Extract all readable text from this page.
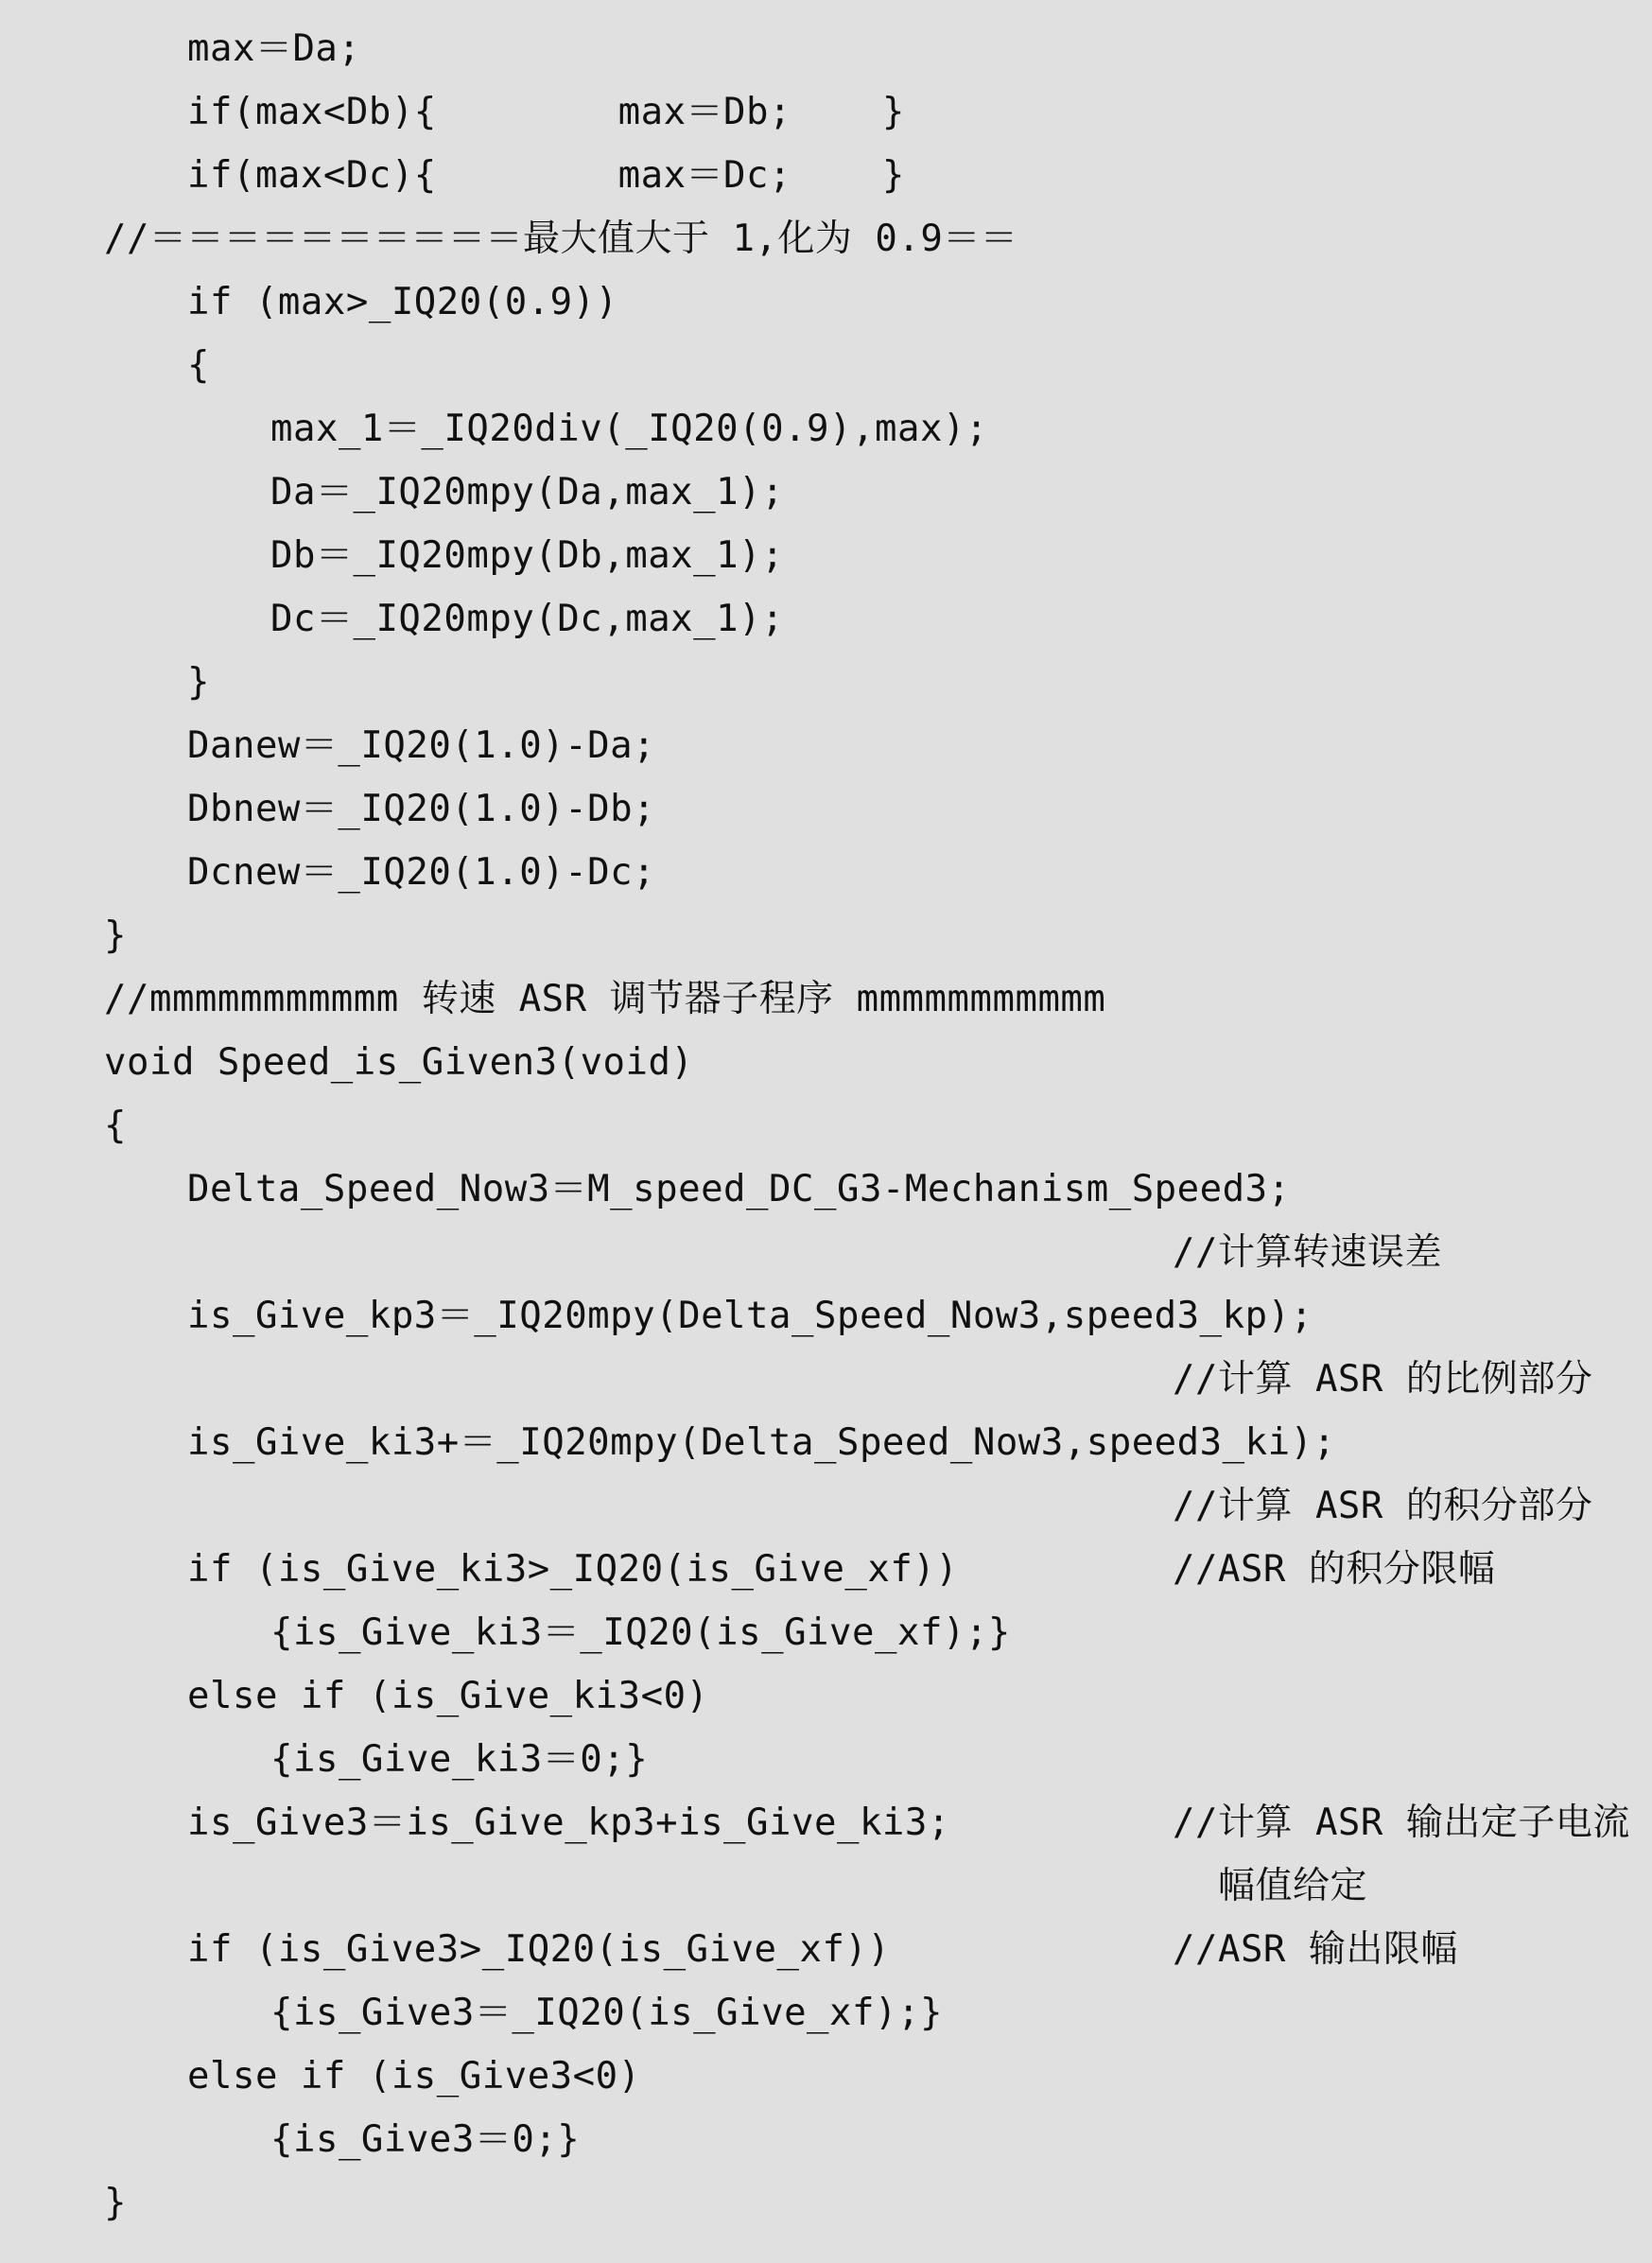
max＝Da;
if(max<Db){        max＝Db;    }
if(max<Dc){        max＝Dc;    }
//＝＝＝＝＝＝＝＝＝＝最大值大于 1,化为 0.9＝＝
if (max>_IQ20(0.9))
{
max_1＝_IQ20div(_IQ20(0.9),max);
Da＝_IQ20mpy(Da,max_1);
Db＝_IQ20mpy(Db,max_1);
Dc＝_IQ20mpy(Dc,max_1);
}
Danew＝_IQ20(1.0)-Da;
Dbnew＝_IQ20(1.0)-Db;
Dcnew＝_IQ20(1.0)-Dc;
}
//mmmmmmmmmmm 转速 ASR 调节器子程序 mmmmmmmmmmm
void Speed_is_Given3(void)
{
Delta_Speed_Now3＝M_speed_DC_G3-Mechanism_Speed3;
//计算转速误差
is_Give_kp3＝_IQ20mpy(Delta_Speed_Now3,speed3_kp);
//计算 ASR 的比例部分
is_Give_ki3+＝_IQ20mpy(Delta_Speed_Now3,speed3_ki);
//计算 ASR 的积分部分
if (is_Give_ki3>_IQ20(is_Give_xf))	//ASR 的积分限幅
{is_Give_ki3＝_IQ20(is_Give_xf);}
else if (is_Give_ki3<0)
{is_Give_ki3＝0;}
is_Give3＝is_Give_kp3+is_Give_ki3;	//计算 ASR 输出定子电流
幅值给定
if (is_Give3>_IQ20(is_Give_xf))	//ASR 输出限幅
{is_Give3＝_IQ20(is_Give_xf);}
else if (is_Give3<0)
{is_Give3＝0;}
}
